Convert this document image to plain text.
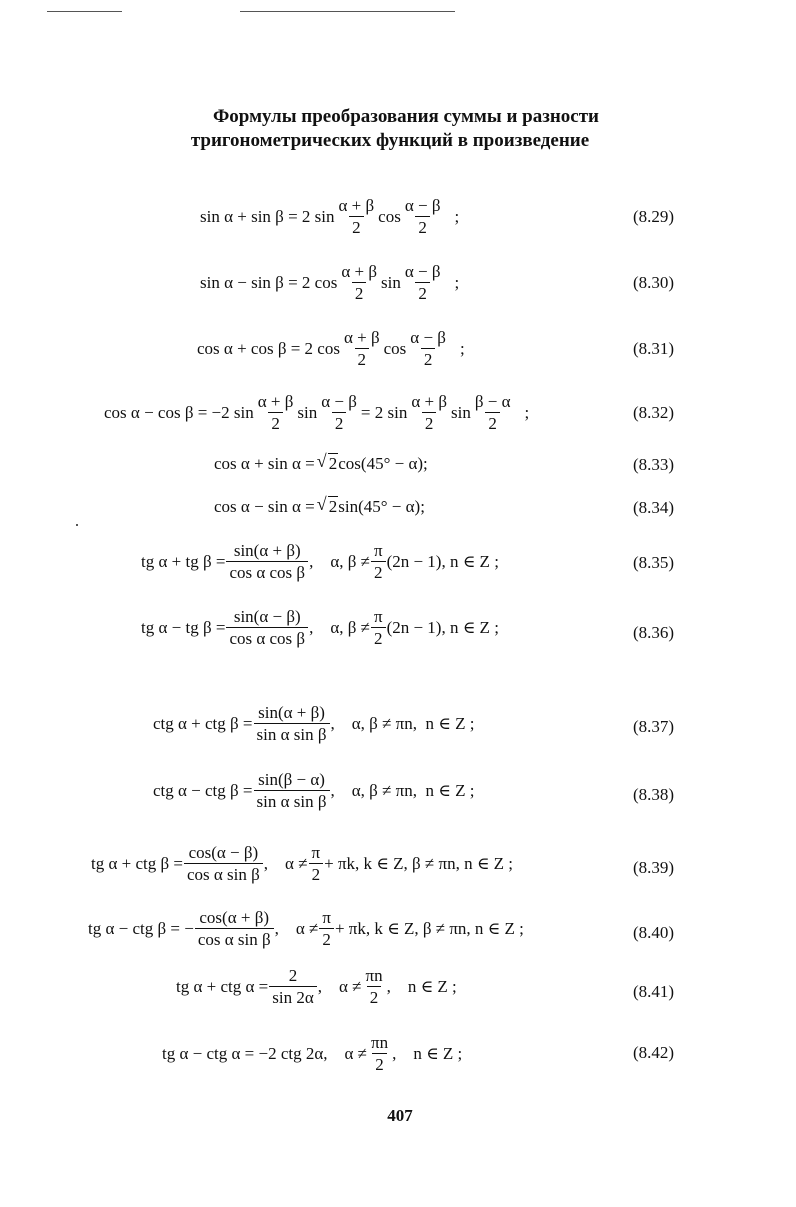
Формулы преобразования суммы и разности
тригонометрических функций в произведение
sin α + sin β = 2 $\sin \frac{\alpha + \beta}{2}$ $\cos \frac{\alpha - \beta}{2}$ ;	(8.29)
sin α − sin β = 2 $\cos \frac{\alpha + \beta}{2}$ $\sin \frac{\alpha - \beta}{2}$ ;	(8.30)
cos α + cos β = 2 $\cos \frac{\alpha + \beta}{2}$ $\cos \frac{\alpha - \beta}{2}$ ;	(8.31)
cos α − cos β = −2 $\sin \frac{\alpha + \beta}{2}$ $\sin \frac{\alpha - \beta}{2} = 2$ $\sin \frac{\alpha + \beta}{2}$ $\sin \frac{\beta - \alpha}{2}$ ;	(8.32)
cos α + sin α = √ 2 cos(45° − α);	(8.33)
cos α − sin α = √ 2 sin(45° − α);	(8.34)
tg α + tg $\beta = \frac{\sin(\alpha + \beta)}{\text{cos α cos β}}$ ,    α, $\beta \ne \frac{\pi}{2} (2n - 1)$, n ∈ Z ;	(8.35)
tg α − tg $\beta = \frac{\sin(\alpha - \beta)}{\text{cos α cos β}}$ ,    α, $\beta \ne \frac{\pi}{2} (2n - 1)$, n ∈ Z ;	(8.36)
ctg α + ctg $\beta = \frac{\sin(\alpha + \beta)}{\text{sin α sin β}}$ ,    α, β ≠ πn,  n ∈ Z ;	(8.37)
ctg α − ctg $\beta = \frac{\sin(\beta - \alpha)}{\text{sin α sin β}}$ ,    α, β ≠ πn,  n ∈ Z ;	(8.38)
tg α + ctg $\beta = \frac{\cos(\alpha - \beta)}{\text{cos α sin β}}$ ,    $\alpha \ne \frac{\pi}{2} + \pi k$, k ∈ Z, β ≠ πn, n ∈ Z ;	(8.39)
tg α − ctg β = − $\frac{\cos(\alpha + \beta)}{\text{cos α sin β}}$ ,    $\alpha \ne \frac{\pi}{2} + \pi k$, k ∈ Z, β ≠ πn, n ∈ Z ;	(8.40)
tg α + ctg $\alpha = \frac{2}{\sin 2\alpha}$ ,    $\alpha \ne \frac{\pi n}{2}$ ,    n ∈ Z ;	(8.41)
tg α − ctg α = −2 ctg 2α,    $\alpha \ne \frac{\pi n}{2}$ ,    n ∈ Z ;	(8.42)
407
